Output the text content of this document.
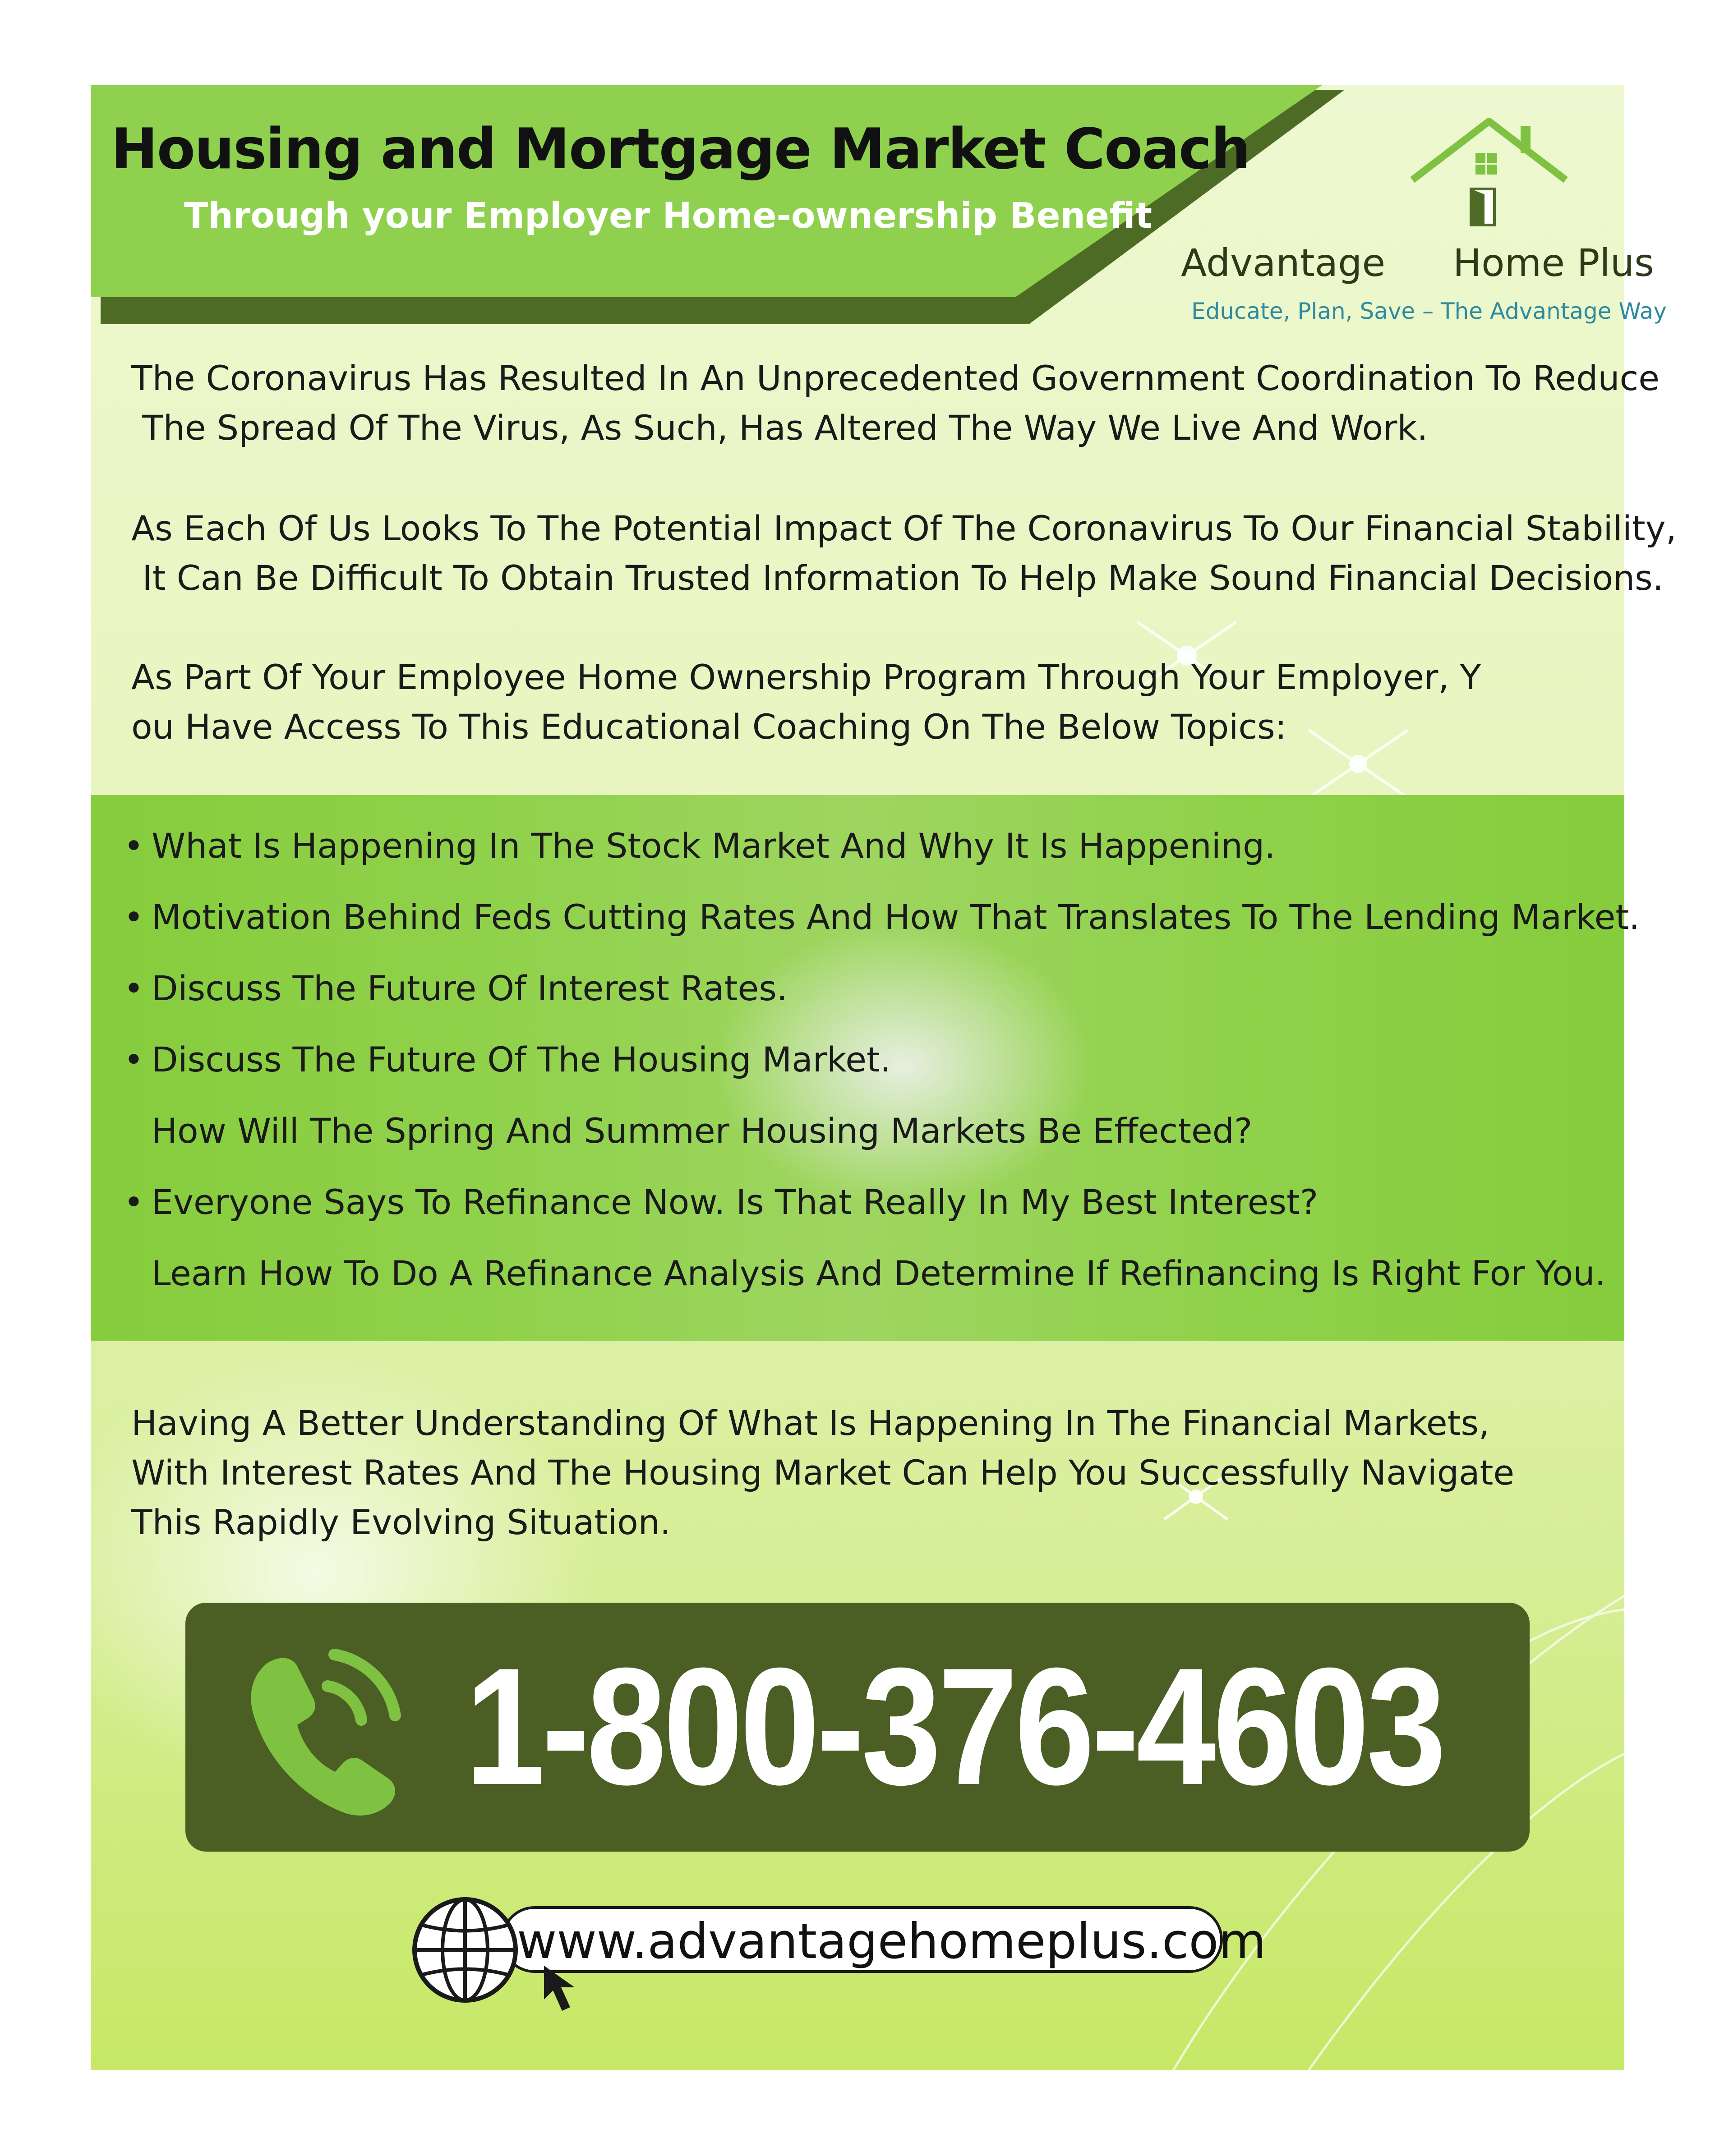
Housing and Mortgage Market Coach
Through your Employer Home-ownership Benefit
Advantage Home Plus
Educate, Plan, Save – The Advantage Way

The Coronavirus Has Resulted In An Unprecedented Government Coordination To Reduce
The Spread Of The Virus, As Such, Has Altered The Way We Live And Work.

As Each Of Us Looks To The Potential Impact Of The Coronavirus To Our Financial Stability,
It Can Be Difficult To Obtain Trusted Information To Help Make Sound Financial Decisions.

As Part Of Your Employee Home Ownership Program Through Your Employer, Y
ou Have Access To This Educational Coaching On The Below Topics:

• What Is Happening In The Stock Market And Why It Is Happening.
• Motivation Behind Feds Cutting Rates And How That Translates To The Lending Market.
• Discuss The Future Of Interest Rates.
• Discuss The Future Of The Housing Market.
How Will The Spring And Summer Housing Markets Be Effected?
• Everyone Says To Refinance Now. Is That Really In My Best Interest?
Learn How To Do A Refinance Analysis And Determine If Refinancing Is Right For You.

Having A Better Understanding Of What Is Happening In The Financial Markets,
With Interest Rates And The Housing Market Can Help You Successfully Navigate
This Rapidly Evolving Situation.

1-800-376-4603
www.advantagehomeplus.com
